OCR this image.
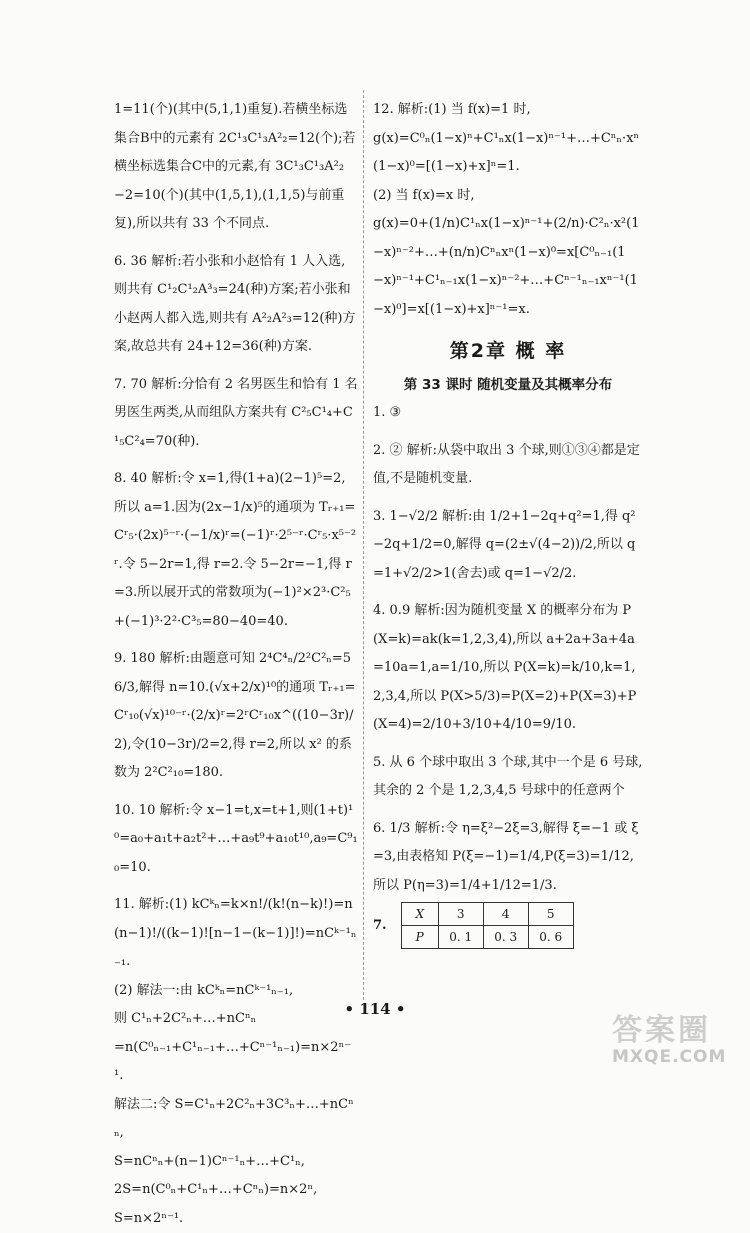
1=11(个)(其中(5,1,1)重复).若横坐标选集合B中的元素有 2C¹₃C¹₃A²₂=12(个);若横坐标选集合C中的元素,有 3C¹₃C¹₃A²₂−2=10(个)(其中(1,5,1),(1,1,5)与前重复),所以共有 33 个不同点.

6. 36 解析:若小张和小赵恰有 1 人入选,则共有 C¹₂C¹₂A³₃=24(种)方案;若小张和小赵两人都入选,则共有 A²₂A²₃=12(种)方案,故总共有 24+12=36(种)方案.

7. 70 解析:分恰有 2 名男医生和恰有 1 名男医生两类,从而组队方案共有 C²₅C¹₄+C¹₅C²₄=70(种).

8. 40 解析:令 x=1,得(1+a)(2−1)⁵=2,所以 a=1.因为(2x−1/x)⁵的通项为 Tᵣ₊₁=Cʳ₅·(2x)⁵⁻ʳ·(−1/x)ʳ=(−1)ʳ·2⁵⁻ʳ·Cʳ₅·x⁵⁻²ʳ.令 5−2r=1,得 r=2.令 5−2r=−1,得 r=3.所以展开式的常数项为(−1)²×2³·C²₅+(−1)³·2²·C³₅=80−40=40.

9. 180 解析:由题意可知 2⁴C⁴ₙ/2²C²ₙ=56/3,解得 n=10.(√x+2/x)¹⁰的通项 Tᵣ₊₁=Cʳ₁₀(√x)¹⁰⁻ʳ·(2/x)ʳ=2ʳCʳ₁₀x^((10−3r)/2),令(10−3r)/2=2,得 r=2,所以 x² 的系数为 2²C²₁₀=180.

10. 10 解析:令 x−1=t,x=t+1,则(1+t)¹⁰=a₀+a₁t+a₂t²+…+a₉t⁹+a₁₀t¹⁰,a₉=C⁹₁₀=10.

11. 解析:(1) kCᵏₙ=k×n!/(k!(n−k)!)=n(n−1)!/((k−1)![n−1−(k−1)]!)=nCᵏ⁻¹ₙ₋₁.

(2) 解法一:由 kCᵏₙ=nCᵏ⁻¹ₙ₋₁,

则 C¹ₙ+2C²ₙ+…+nCⁿₙ

=n(C⁰ₙ₋₁+C¹ₙ₋₁+…+Cⁿ⁻¹ₙ₋₁)=n×2ⁿ⁻¹.

解法二:令 S=C¹ₙ+2C²ₙ+3C³ₙ+…+nCⁿₙ,

S=nCⁿₙ+(n−1)Cⁿ⁻¹ₙ+…+C¹ₙ,

2S=n(C⁰ₙ+C¹ₙ+…+Cⁿₙ)=n×2ⁿ,

S=n×2ⁿ⁻¹.

12. 解析:(1) 当 f(x)=1 时,

g(x)=C⁰ₙ(1−x)ⁿ+C¹ₙx(1−x)ⁿ⁻¹+…+Cⁿₙ·xⁿ(1−x)⁰=[(1−x)+x]ⁿ=1.

(2) 当 f(x)=x 时,

g(x)=0+(1/n)C¹ₙx(1−x)ⁿ⁻¹+(2/n)·C²ₙ·x²(1−x)ⁿ⁻²+…+(n/n)Cⁿₙxⁿ(1−x)⁰=x[C⁰ₙ₋₁(1−x)ⁿ⁻¹+C¹ₙ₋₁x(1−x)ⁿ⁻²+…+Cⁿ⁻¹ₙ₋₁xⁿ⁻¹(1−x)⁰]=x[(1−x)+x]ⁿ⁻¹=x.

第2章 概 率
第 33 课时 随机变量及其概率分布

1. ③

2. ② 解析:从袋中取出 3 个球,则①③④都是定值,不是随机变量.

3. 1−√2/2 解析:由 1/2+1−2q+q²=1,得 q²−2q+1/2=0,解得 q=(2±√(4−2))/2,所以 q=1+√2/2>1(舍去)或 q=1−√2/2.

4. 0.9 解析:因为随机变量 X 的概率分布为 P(X=k)=ak(k=1,2,3,4),所以 a+2a+3a+4a=10a=1,a=1/10,所以 P(X=k)=k/10,k=1,2,3,4,所以 P(X>5/3)=P(X=2)+P(X=3)+P(X=4)=2/10+3/10+4/10=9/10.

5. 从 6 个球中取出 3 个球,其中一个是 6 号球,其余的 2 个是 1,2,3,4,5 号球中的任意两个

6. 1/3 解析:令 η=ξ²−2ξ=3,解得 ξ=−1 或 ξ=3,由表格知 P(ξ=−1)=1/4,P(ξ=3)=1/12,所以 P(η=3)=1/4+1/12=1/3.

7. X	3	4	5
P	0. 1	0. 3	0. 6
• 114 •
答案圈
MXQE.COM
